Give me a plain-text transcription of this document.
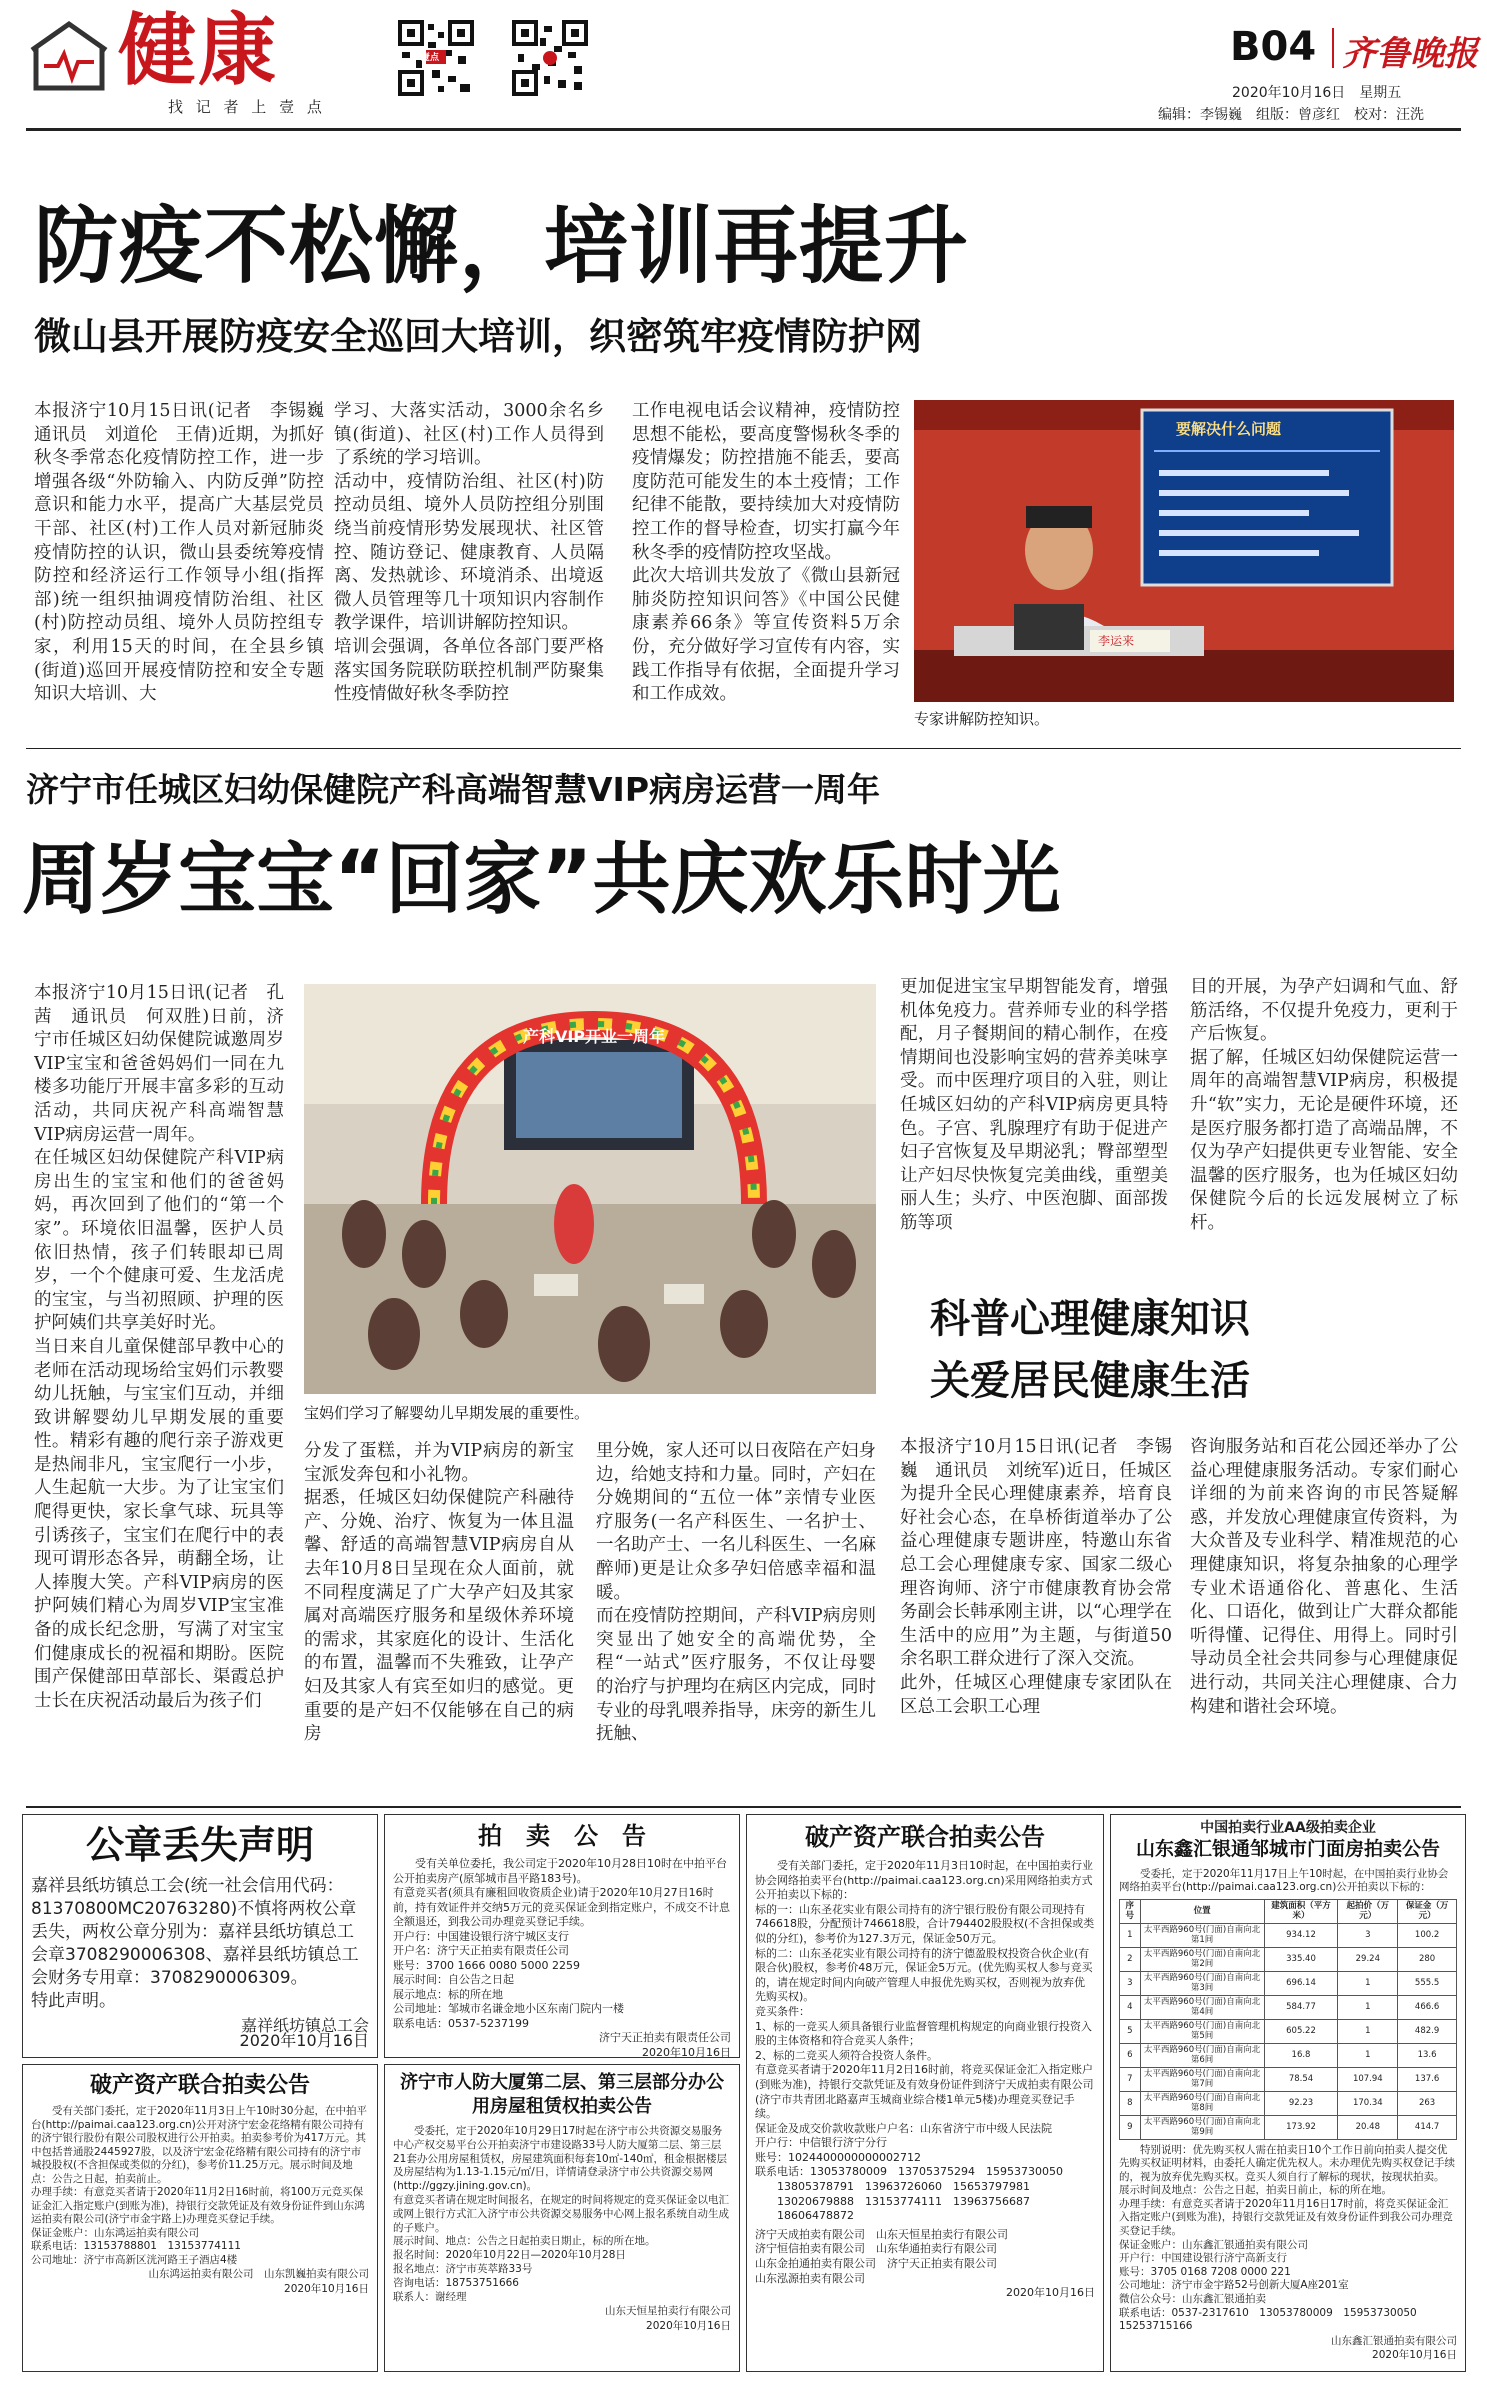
健康
找 记 者 上 壹 点
壹点	B04 齐鲁晚报
2020年10月16日　星期五
编辑：李锡巍　组版：曾彦红　校对：汪洗
防疫不松懈，培训再提升
微山县开展防疫安全巡回大培训，织密筑牢疫情防护网

本报济宁10月15日讯(记者　李锡巍　通讯员　刘道伦　王倩)近期，为抓好秋冬季常态化疫情防控工作，进一步增强各级“外防输入、内防反弹”防控意识和能力水平，提高广大基层党员干部、社区(村)工作人员对新冠肺炎疫情防控的认识，微山县委统筹疫情防控和经济运行工作领导小组(指挥部)统一组织抽调疫情防治组、社区(村)防控动员组、境外人员防控组专家，利用15天的时间，在全县乡镇(街道)巡回开展疫情防控和安全专题知识大培训、大

学习、大落实活动，3000余名乡镇(街道)、社区(村)工作人员得到了系统的学习培训。
活动中，疫情防治组、社区(村)防控动员组、境外人员防控组分别围绕当前疫情形势发展现状、社区管控、随访登记、健康教育、人员隔离、发热就诊、环境消杀、出境返微人员管理等几十项知识内容制作教学课件，培训讲解防控知识。
培训会强调，各单位各部门要严格落实国务院联防联控机制严防聚集性疫情做好秋冬季防控

工作电视电话会议精神，疫情防控思想不能松，要高度警惕秋冬季的疫情爆发；防控措施不能丢，要高度防范可能发生的本土疫情；工作纪律不能散，要持续加大对疫情防控工作的督导检查，切实打赢今年秋冬季的疫情防控攻坚战。
此次大培训共发放了《微山县新冠肺炎防控知识问答》《中国公民健康素养66条》等宣传资料5万余份，充分做好学习宣传有内容，实践工作指导有依据，全面提升学习和工作成效。

要解决什么问题
李运来
专家讲解防控知识。
济宁市任城区妇幼保健院产科高端智慧VIP病房运营一周年
周岁宝宝“回家”共庆欢乐时光

本报济宁10月15日讯(记者　孔茜　通讯员　何双胜)日前，济宁市任城区妇幼保健院诚邀周岁VIP宝宝和爸爸妈妈们一同在九楼多功能厅开展丰富多彩的互动活动，共同庆祝产科高端智慧VIP病房运营一周年。
在任城区妇幼保健院产科VIP病房出生的宝宝和他们的爸爸妈妈，再次回到了他们的“第一个家”。环境依旧温馨，医护人员依旧热情，孩子们转眼却已周岁，一个个健康可爱、生龙活虎的宝宝，与当初照顾、护理的医护阿姨们共享美好时光。
当日来自儿童保健部早教中心的老师在活动现场给宝妈们示教婴幼儿抚触，与宝宝们互动，并细致讲解婴幼儿早期发展的重要性。精彩有趣的爬行亲子游戏更是热闹非凡，宝宝爬行一小步，人生起航一大步。为了让宝宝们爬得更快，家长拿气球、玩具等引诱孩子，宝宝们在爬行中的表现可谓形态各异，萌翻全场，让人捧腹大笑。产科VIP病房的医护阿姨们精心为周岁VIP宝宝准备的成长纪念册，写满了对宝宝们健康成长的祝福和期盼。医院围产保健部田草部长、渠霞总护士长在庆祝活动最后为孩子们

产科VIP开业一周年
宝妈们学习了解婴幼儿早期发展的重要性。

分发了蛋糕，并为VIP病房的新宝宝派发奔包和小礼物。
据悉，任城区妇幼保健院产科融待产、分娩、治疗、恢复为一体且温馨、舒适的高端智慧VIP病房自从去年10月8日呈现在众人面前，就不同程度满足了广大孕产妇及其家属对高端医疗服务和星级休养环境的需求，其家庭化的设计、生活化的布置，温馨而不失雅致，让孕产妇及其家人有宾至如归的感觉。更重要的是产妇不仅能够在自己的病房

里分娩，家人还可以日夜陪在产妇身边，给她支持和力量。同时，产妇在分娩期间的“五位一体”亲情专业医疗服务(一名产科医生、一名护士、一名助产士、一名儿科医生、一名麻醉师)更是让众多孕妇倍感幸福和温暖。
而在疫情防控期间，产科VIP病房则突显出了她安全的高端优势，全程“一站式”医疗服务，不仅让母婴的治疗与护理均在病区内完成，同时专业的母乳喂养指导，床旁的新生儿抚触、

更加促进宝宝早期智能发育，增强机体免疫力。营养师专业的科学搭配，月子餐期间的精心制作，在疫情期间也没影响宝妈的营养美味享受。而中医理疗项目的入驻，则让任城区妇幼的产科VIP病房更具特色。子宫、乳腺理疗有助于促进产妇子宫恢复及早期泌乳；臀部塑型让产妇尽快恢复完美曲线，重塑美丽人生；头疗、中医泡脚、面部拨筋等项

目的开展，为孕产妇调和气血、舒筋活络，不仅提升免疫力，更利于产后恢复。
据了解，任城区妇幼保健院运营一周年的高端智慧VIP病房，积极提升“软”实力，无论是硬件环境，还是医疗服务都打造了高端品牌，不仅为孕产妇提供更专业智能、安全温馨的医疗服务，也为任城区妇幼保健院今后的长远发展树立了标杆。

科普心理健康知识
关爱居民健康生活

本报济宁10月15日讯(记者　李锡巍　通讯员　刘统军)近日，任城区为提升全民心理健康素养，培育良好社会心态，在阜桥街道举办了公益心理健康专题讲座，特邀山东省总工会心理健康专家、国家二级心理咨询师、济宁市健康教育协会常务副会长韩承刚主讲，以“心理学在生活中的应用”为主题，与街道50余名职工群众进行了深入交流。
此外，任城区心理健康专家团队在区总工会职工心理

咨询服务站和百花公园还举办了公益心理健康服务活动。专家们耐心详细的为前来咨询的市民答疑解惑，并发放心理健康宣传资料，为大众普及专业科学、精准规范的心理健康知识，将复杂抽象的心理学专业术语通俗化、普惠化、生活化、口语化，做到让广大群众都能听得懂、记得住、用得上。同时引导动员全社会共同参与心理健康促进行动，共同关注心理健康、合力构建和谐社会环境。

公章丢失声明

嘉祥县纸坊镇总工会(统一社会信用代码：81370800MC20763280)不慎将两枚公章丢失，两枚公章分别为：嘉祥县纸坊镇总工会章3708290006308、嘉祥县纸坊镇总工会财务专用章：3708290006309。
特此声明。

嘉祥纸坊镇总工会
2020年10月16日
破产资产联合拍卖公告

受有关部门委托，定于2020年11月3日上午10时30分起，在中拍平台(http://paimai.caa123.org.cn)公开对济宁宏金花络精有限公司持有的济宁银行股份有限公司股权进行公开拍卖。拍卖参考价为417万元。其中包括普通股2445927股，以及济宁宏金花络精有限公司持有的济宁市城投股权(不含担保或类似的分红)，参考价11.25万元。展示时间及地点：公告之日起，拍卖前止。
办理手续：有意竞买者请于2020年11月2日16时前，将100万元竞买保证金汇入指定账户(到账为准)，持银行交款凭证及有效身份证件到山东鸿运拍卖有限公司(济宁市金宇路上)办理竞买登记手续。
保证金账户：山东鸿运拍卖有限公司
联系电话：13153788801　13153774111
公司地址：济宁市高新区洸河路王子酒店4楼

山东鸿运拍卖有限公司　山东凯巍拍卖有限公司
2020年10月16日
拍　卖　公　告

受有关单位委托，我公司定于2020年10月28日10时在中拍平台公开拍卖房产(原邹城市昌平路183号)。
有意竞买者(须具有廉租回收资质企业)请于2020年10月27日16时前，持有效证件并交纳5万元的竞买保证金到指定账户，不成交不计息全额退还，到我公司办理竞买登记手续。
开户行：中国建设银行济宁城区支行
开户名：济宁天正拍卖有限责任公司
账号：3700 1666 0080 5000 2259
展示时间：自公告之日起
展示地点：标的所在地
公司地址：邹城市名谦金地小区东南门院内一楼
联系电话：0537-5237199

济宁天正拍卖有限责任公司
2020年10月16日
济宁市人防大厦第二层、第三层部分办公用房屋租赁权拍卖公告

受委托，定于2020年10月29日17时起在济宁市公共资源交易服务中心产权交易平台公开拍卖济宁市建设路33号人防大厦第二层、第三层21套办公用房屋租赁权，房屋建筑面积每套10㎡-140㎡，租金根据楼层及房屋结构为1.13-1.15元/㎡/日，详情请登录济宁市公共资源交易网(http://ggzy.jining.gov.cn)。
有意竞买者请在规定时间报名，在规定的时间将规定的竞买保证金以电汇或网上银行方式汇入济宁市公共资源交易服务中心网上报名系统自动生成的子账户。
展示时间、地点：公告之日起拍卖日期止，标的所在地。
报名时间：2020年10月22日—2020年10月28日
报名地点：济宁市英萃路33号
咨询电话：18753751666
联系人：谢经理

山东天恒星拍卖行有限公司
2020年10月16日
破产资产联合拍卖公告

受有关部门委托，定于2020年11月3日10时起，在中国拍卖行业协会网络拍卖平台(http://paimai.caa123.org.cn)采用网络拍卖方式公开拍卖以下标的：
标的一：山东圣花实业有限公司持有的济宁银行股份有限公司现持有746618股，分配预计746618股，合计794402股股权(不含担保或类似的分红)，参考价为127.3万元，保证金50万元。
标的二：山东圣花实业有限公司持有的济宁德盈股权投资合伙企业(有限合伙)股权，参考价48万元，保证金5万元。(优先购买权人参与竞买的，请在规定时间内向破产管理人申报优先购买权，否则视为放弃优先购买权)。
竞买条件：
1、标的一竞买人须具备银行业监督管理机构规定的向商业银行投资入股的主体资格和符合竞买人条件；
2、标的二竞买人须符合投资人条件。
有意竞买者请于2020年11月2日16时前，将竞买保证金汇入指定账户(到账为准)，持银行交款凭证及有效身份证件到济宁天成拍卖有限公司(济宁市共青团北路嘉声玉城商业综合楼1单元5楼)办理竞买登记手续。
保证金及成交价款收款账户户名：山东省济宁市中级人民法院
开户行：中信银行济宁分行
账号：1024400000000002712
联系电话：13053780009　13705375294　15953730050
　　13805378791　13963726060　15653797981
　　13020679888　13153774111　13963756687
　　18606478872

济宁天成拍卖有限公司　山东天恒星拍卖行有限公司
济宁恒信拍卖有限公司　山东华通拍卖行有限公司
山东金拍通拍卖有限公司　济宁天正拍卖有限公司
山东泓源拍卖有限公司
2020年10月16日
中国拍卖行业AA级拍卖企业
山东鑫汇银通邹城市门面房拍卖公告

受委托，定于2020年11月17日上午10时起，在中国拍卖行业协会网络拍卖平台(http://paimai.caa123.org.cn)公开拍卖以下标的：

序号	位置	建筑面积（平方米）	起拍价（万元）	保证金（万元）
1	太平西路960号(门面)自南向北第1间	934.12	3	100.2
2	太平西路960号(门面)自南向北第2间	335.40	29.24	280
3	太平西路960号(门面)自南向北第3间	696.14	1	555.5
4	太平西路960号(门面)自南向北第4间	584.77	1	466.6
5	太平西路960号(门面)自南向北第5间	605.22	1	482.9
6	太平西路960号(门面)自南向北第6间	16.8	1	13.6
7	太平西路960号(门面)自南向北第7间	78.54	107.94	137.6
8	太平西路960号(门面)自南向北第8间	92.23	170.34	263
9	太平西路960号(门面)自南向北第9间	173.92	20.48	414.7

特别说明：优先购买权人需在拍卖日10个工作日前向拍卖人提交优先购买权证明材料，由委托人确定优先权人。未办理优先购买权登记手续的，视为放弃优先购买权。竞买人须自行了解标的现状，按现状拍卖。
展示时间及地点：公告之日起，拍卖日前止，标的所在地。
办理手续：有意竞买者请于2020年11月16日17时前，将竞买保证金汇入指定账户(到账为准)，持银行交款凭证及有效身份证件到我公司办理竞买登记手续。
保证金账户：山东鑫汇银通拍卖有限公司
开户行：中国建设银行济宁高新支行
账号：3705 0168 7208 0000 221
公司地址：济宁市金宇路52号创新大厦A座201室
微信公众号：山东鑫汇银通拍卖
联系电话：0537-2317610　13053780009　15953730050　15253715166

山东鑫汇银通拍卖有限公司
2020年10月16日
